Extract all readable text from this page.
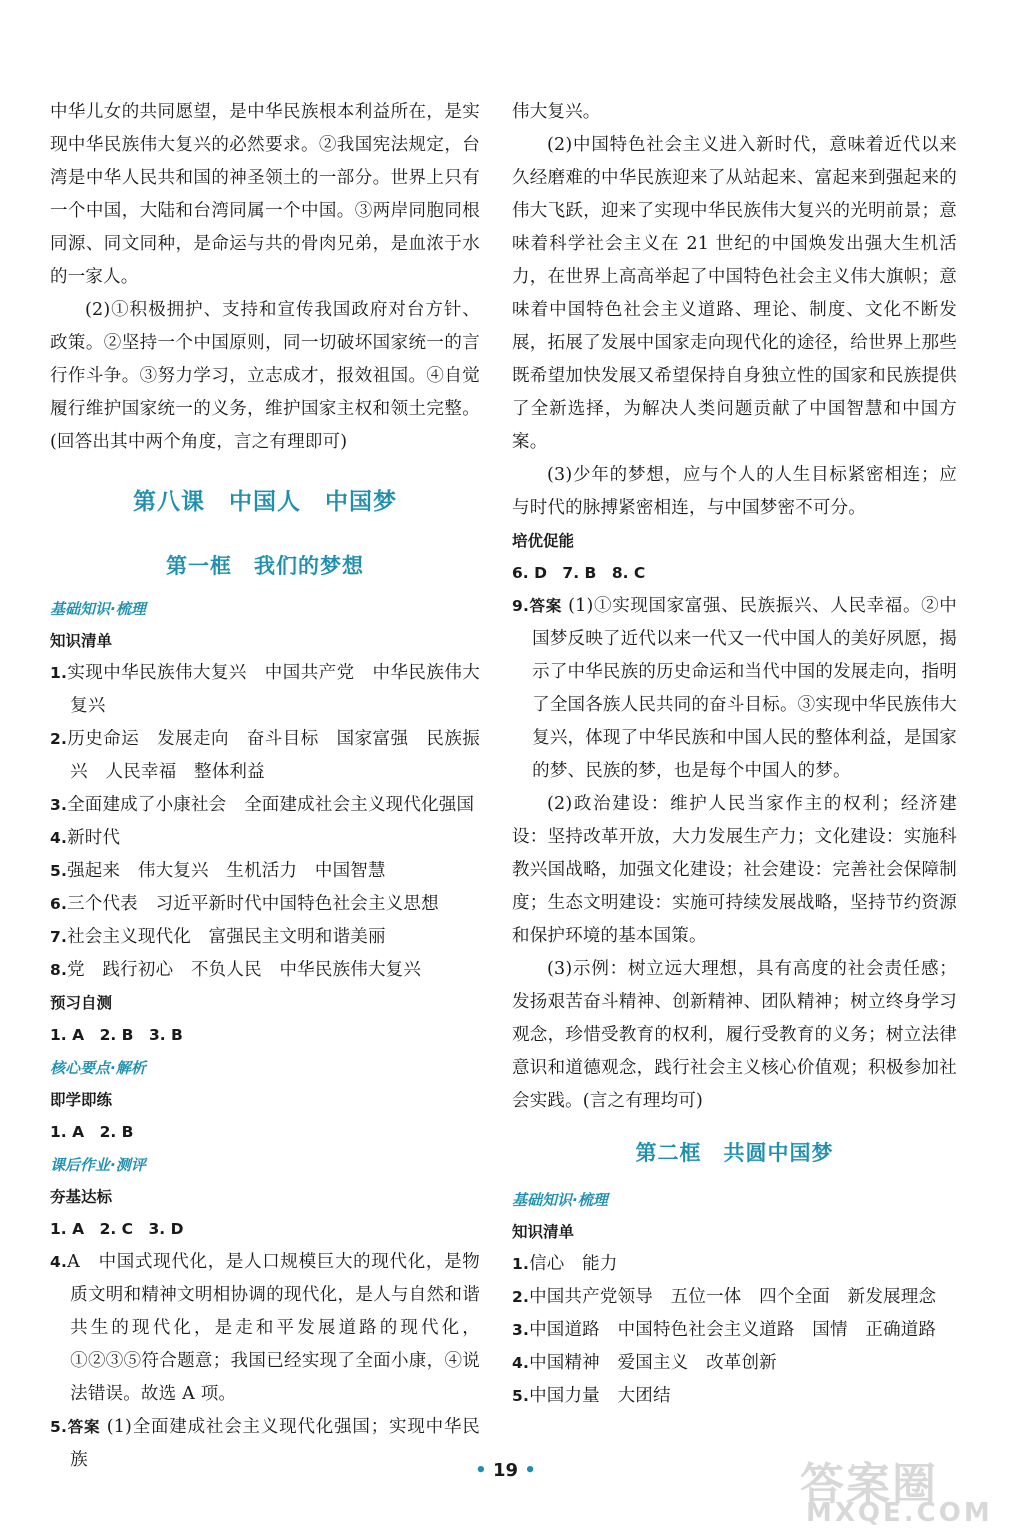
中华儿女的共同愿望，是中华民族根本利益所在，是实现中华民族伟大复兴的必然要求。②我国宪法规定，台湾是中华人民共和国的神圣领土的一部分。世界上只有一个中国，大陆和台湾同属一个中国。③两岸同胞同根同源、同文同种，是命运与共的骨肉兄弟，是血浓于水的一家人。

(2)①积极拥护、支持和宣传我国政府对台方针、政策。②坚持一个中国原则，同一切破坏国家统一的言行作斗争。③努力学习，立志成才，报效祖国。④自觉履行维护国家统一的义务，维护国家主权和领土完整。(回答出其中两个角度，言之有理即可)

第八课　中国人　中国梦
第一框　我们的梦想
基础知识·梳理
知识清单
1.实现中华民族伟大复兴　中国共产党　中华民族伟大复兴
2.历史命运　发展走向　奋斗目标　国家富强　民族振兴　人民幸福　整体利益
3.全面建成了小康社会　全面建成社会主义现代化强国
4.新时代
5.强起来　伟大复兴　生机活力　中国智慧
6.三个代表　习近平新时代中国特色社会主义思想
7.社会主义现代化　富强民主文明和谐美丽
8.党　践行初心　不负人民　中华民族伟大复兴
预习自测
1. A　2. B　3. B
核心要点·解析
即学即练
1. A　2. B
课后作业·测评
夯基达标
1. A　2. C　3. D
4.A　中国式现代化，是人口规模巨大的现代化，是物质文明和精神文明相协调的现代化，是人与自然和谐共生的现代化，是走和平发展道路的现代化，①②③⑤符合题意；我国已经实现了全面小康，④说法错误。故选 A 项。
5.答案 (1)全面建成社会主义现代化强国；实现中华民族

伟大复兴。

(2)中国特色社会主义进入新时代，意味着近代以来久经磨难的中华民族迎来了从站起来、富起来到强起来的伟大飞跃，迎来了实现中华民族伟大复兴的光明前景；意味着科学社会主义在 21 世纪的中国焕发出强大生机活力，在世界上高高举起了中国特色社会主义伟大旗帜；意味着中国特色社会主义道路、理论、制度、文化不断发展，拓展了发展中国家走向现代化的途径，给世界上那些既希望加快发展又希望保持自身独立性的国家和民族提供了全新选择，为解决人类问题贡献了中国智慧和中国方案。

(3)少年的梦想，应与个人的人生目标紧密相连；应与时代的脉搏紧密相连，与中国梦密不可分。

培优促能
6. D　7. B　8. C
9.答案 (1)①实现国家富强、民族振兴、人民幸福。②中国梦反映了近代以来一代又一代中国人的美好夙愿，揭示了中华民族的历史命运和当代中国的发展走向，指明了全国各族人民共同的奋斗目标。③实现中华民族伟大复兴，体现了中华民族和中国人民的整体利益，是国家的梦、民族的梦，也是每个中国人的梦。

(2)政治建设：维护人民当家作主的权利；经济建设：坚持改革开放，大力发展生产力；文化建设：实施科教兴国战略，加强文化建设；社会建设：完善社会保障制度；生态文明建设：实施可持续发展战略，坚持节约资源和保护环境的基本国策。

(3)示例：树立远大理想，具有高度的社会责任感；发扬艰苦奋斗精神、创新精神、团队精神；树立终身学习观念，珍惜受教育的权利，履行受教育的义务；树立法律意识和道德观念，践行社会主义核心价值观；积极参加社会实践。(言之有理均可)

第二框　共圆中国梦
基础知识·梳理
知识清单
1.信心　能力
2.中国共产党领导　五位一体　四个全面　新发展理念
3.中国道路　中国特色社会主义道路　国情　正确道路
4.中国精神　爱国主义　改革创新
5.中国力量　大团结
• 19 •	答案圈
MXQE.COM
